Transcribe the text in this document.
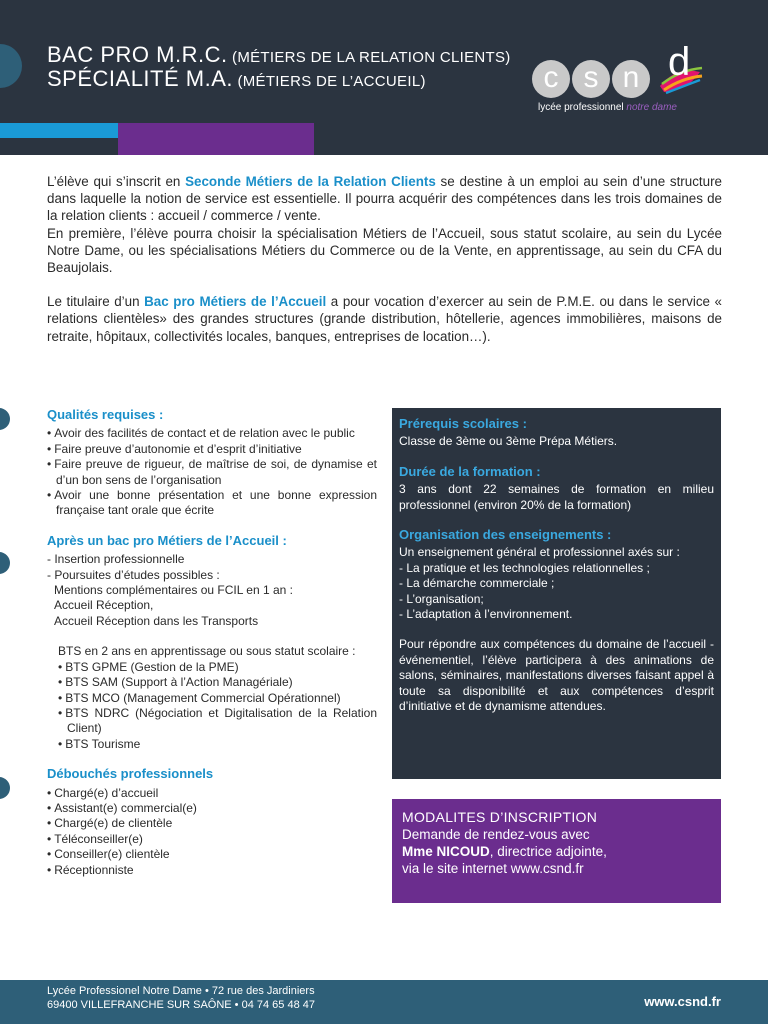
BAC PRO M.R.C. (MÉTIERS DE LA RELATION CLIENTS)
SPÉCIALITÉ M.A. (MÉTIERS DE L’ACCUEIL)	c s n d
lycée professionnel notre dame

L’élève qui s’inscrit en Seconde Métiers de la Relation Clients se destine à un emploi au sein d’une structure dans laquelle la notion de service est essentielle. Il pourra acquérir des compétences dans les trois domaines de la relation clients : accueil / commerce / vente.
En première, l’élève pourra choisir la spécialisation Métiers de l’Accueil, sous statut scolaire, au sein du Lycée Notre Dame, ou les spécialisations Métiers du Commerce ou de la Vente, en apprentissage, au sein du CFA du Beaujolais.

Le titulaire d’un Bac pro Métiers de l’Accueil a pour vocation d’exercer au sein de P.M.E. ou dans le service « relations clientèles» des grandes structures (grande distribution, hôtellerie, agences immobilières, maisons de retraite, hôpitaux, collectivités locales, banques, entreprises de location…).

Qualités requises :
• Avoir des facilités de contact et de relation avec le public
• Faire preuve d’autonomie et d’esprit d’initiative
• Faire preuve de rigueur, de maîtrise de soi, de dynamise et d’un bon sens de l’organisation
• Avoir une bonne présentation et une bonne expression française tant orale que écrite
Après un bac pro Métiers de l’Accueil :
- Insertion professionnelle
- Poursuites d’études possibles :
Mentions complémentaires ou FCIL en 1 an :
Accueil Réception,
Accueil Réception dans les Transports
BTS en 2 ans en apprentissage ou sous statut scolaire :
• BTS GPME (Gestion de la PME)
• BTS SAM (Support à l’Action Managériale)
• BTS MCO (Management Commercial Opérationnel)
• BTS NDRC (Négociation et Digitalisation de la Relation Client)
• BTS Tourisme
Débouchés professionnels
• Chargé(e) d’accueil
• Assistant(e) commercial(e)
• Chargé(e) de clientèle
• Téléconseiller(e)
• Conseiller(e) clientèle
• Réceptionniste
Prérequis scolaires :

Classe de 3ème ou 3ème Prépa Métiers.

Durée de la formation :

3 ans dont 22 semaines de formation en milieu professionnel (environ 20% de la formation)

Organisation des enseignements :

Un enseignement général et professionnel axés sur :

- La pratique et les technologies relationnelles ;
- La démarche commerciale ;
- L’organisation;
- L’adaptation à l’environnement.

Pour répondre aux compétences du domaine de l’accueil - événementiel, l’élève participera à des animations de salons, séminaires, manifestations diverses faisant appel à toute sa disponibilité et aux compétences d’esprit d’initiative et de dynamisme attendues.

MODALITES D’INSCRIPTION
Demande de rendez-vous avec
Mme NICOUD, directrice adjointe,
via le site internet www.csnd.fr
Lycée Professionel Notre Dame • 72 rue des Jardiniers
69400 VILLEFRANCHE SUR SAÔNE • 04 74 65 48 47	www.csnd.fr
